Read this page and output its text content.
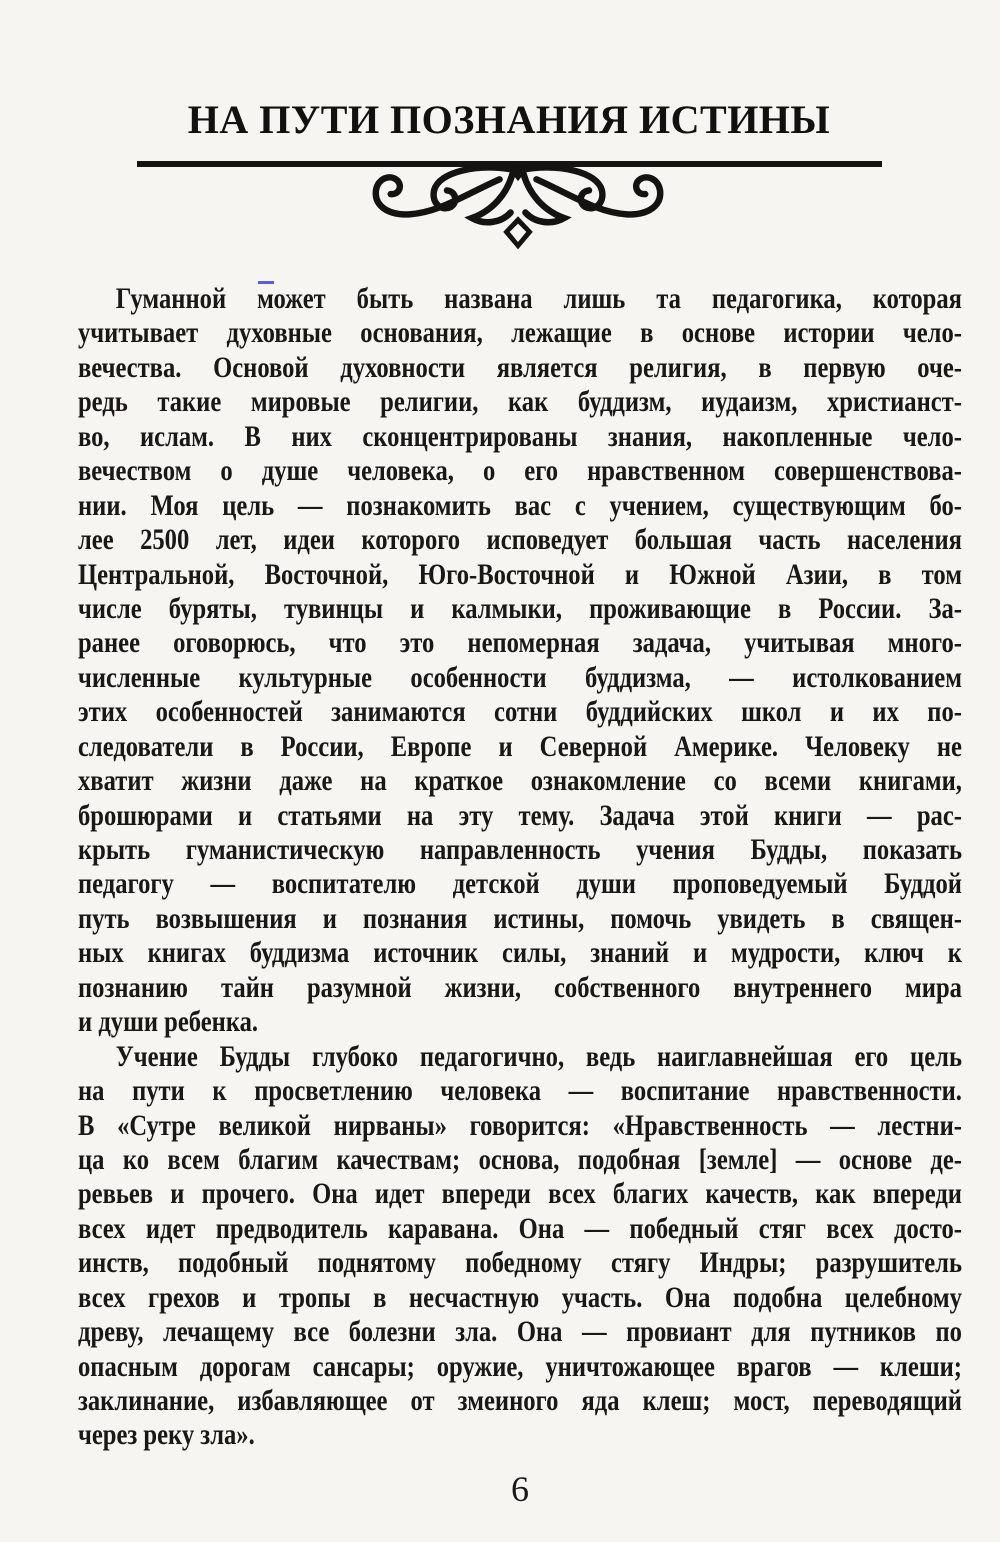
НА ПУТИ ПОЗНАНИЯ ИСТИНЫ
Гуманной может быть названа лишь та педагогика, которая
учитывает духовные основания, лежащие в основе истории чело-
вечества. Основой духовности является религия, в первую оче-
редь такие мировые религии, как буддизм, иудаизм, христианст-
во, ислам. В них сконцентрированы знания, накопленные чело-
вечеством о душе человека, о его нравственном совершенствова-
нии. Моя цель — познакомить вас с учением, существующим бо-
лее 2500 лет, идеи которого исповедует большая часть населения
Центральной, Восточной, Юго-Восточной и Южной Азии, в том
числе буряты, тувинцы и калмыки, проживающие в России. За-
ранее оговорюсь, что это непомерная задача, учитывая много-
численные культурные особенности буддизма, — истолкованием
этих особенностей занимаются сотни буддийских школ и их по-
следователи в России, Европе и Северной Америке. Человеку не
хватит жизни даже на краткое ознакомление со всеми книгами,
брошюрами и статьями на эту тему. Задача этой книги — рас-
крыть гуманистическую направленность учения Будды, показать
педагогу — воспитателю детской души проповедуемый Буддой
путь возвышения и познания истины, помочь увидеть в священ-
ных книгах буддизма источник силы, знаний и мудрости, ключ к
познанию тайн разумной жизни, собственного внутреннего мира
и души ребенка.
Учение Будды глубоко педагогично, ведь наиглавнейшая его цель
на пути к просветлению человека — воспитание нравственности.
В «Сутре великой нирваны» говорится: «Нравственность — лестни-
ца ко всем благим качествам; основа, подобная [земле] — основе де-
ревьев и прочего. Она идет впереди всех благих качеств, как впереди
всех идет предводитель каравана. Она — победный стяг всех досто-
инств, подобный поднятому победному стягу Индры; разрушитель
всех грехов и тропы в несчастную участь. Она подобна целебному
древу, лечащему все болезни зла. Она — провиант для путников по
опасным дорогам сансары; оружие, уничтожающее врагов — клеши;
заклинание, избавляющее от змеиного яда клеш; мост, переводящий
через реку зла».
6
